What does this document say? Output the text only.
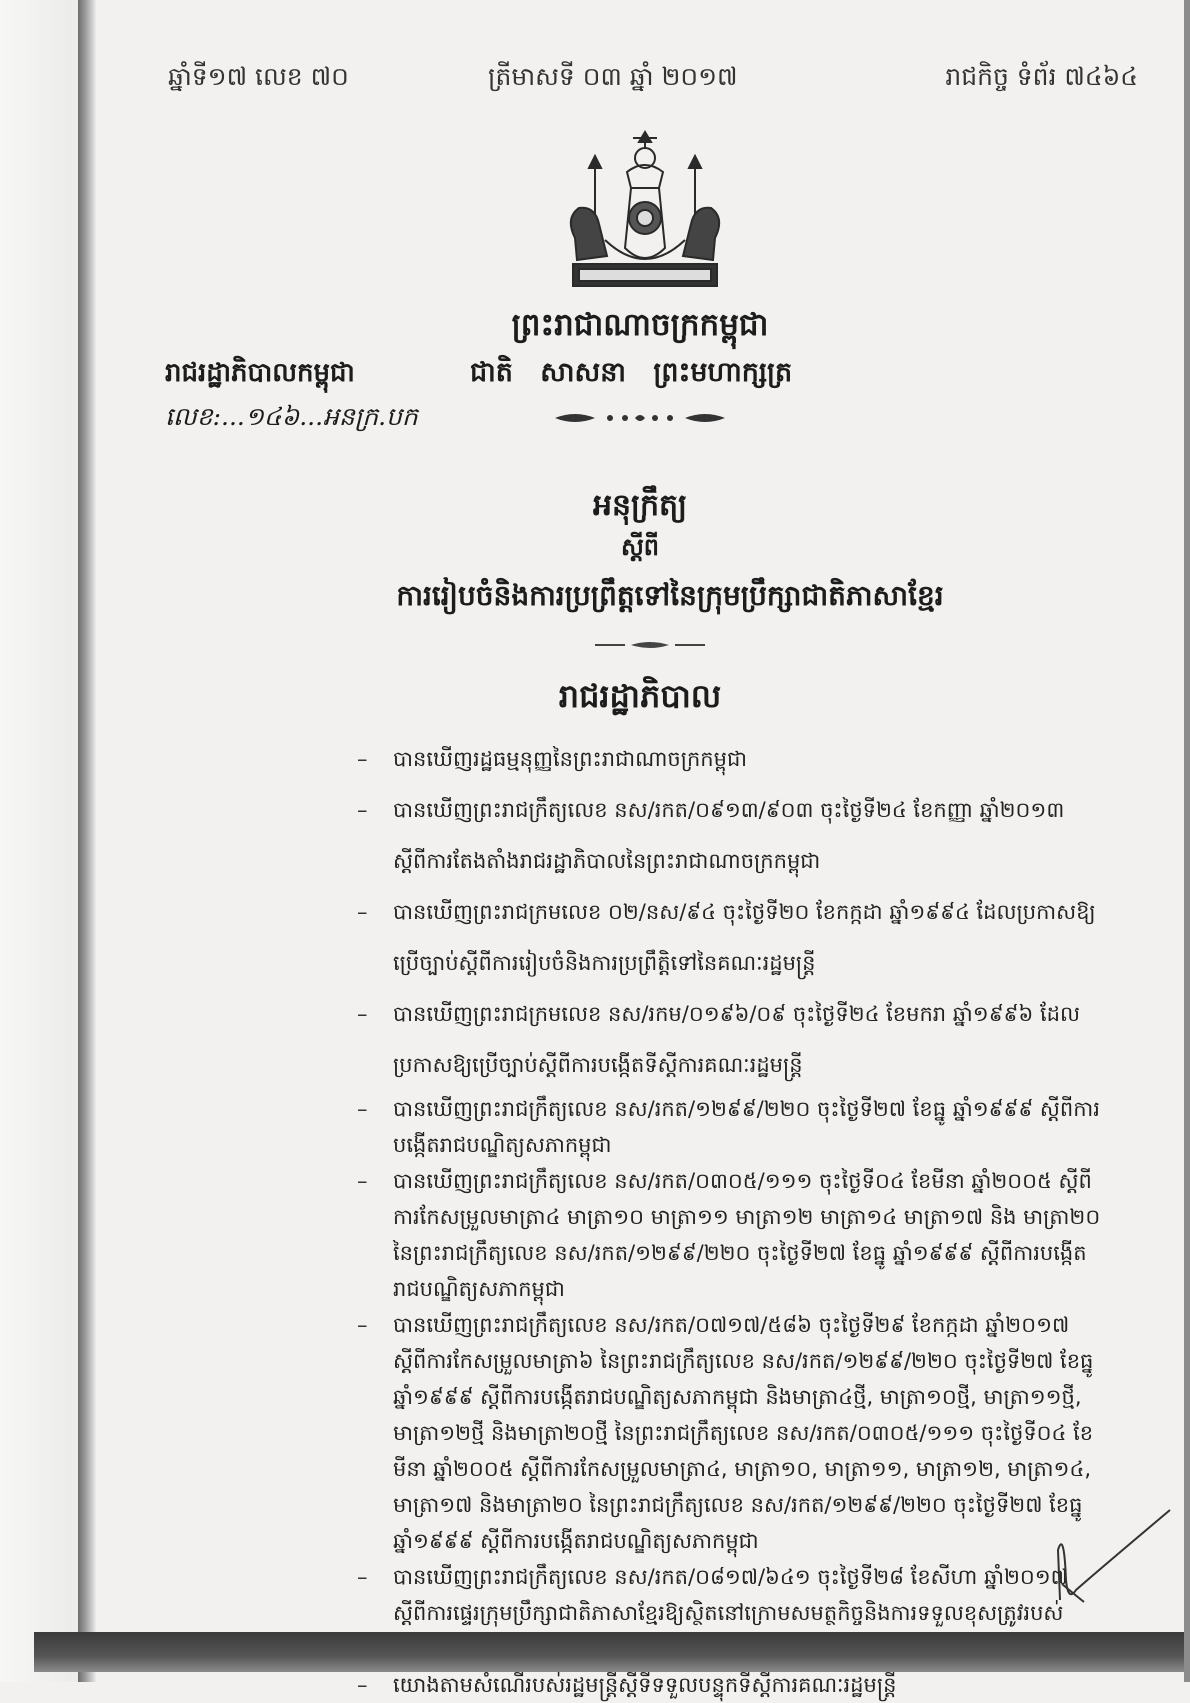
ឆ្នាំទី១៧ លេខ ៧០	ត្រីមាសទី ០៣ ឆ្នាំ ២០១៧	រាជកិច្ច ទំព័រ ៧៤៦៤
ព្រះរាជាណាចក្រកម្ពុជា
ជាតិ សាសនា ព្រះមហាក្សត្រ
រាជរដ្ឋាភិបាលកម្ពុជា
លេខ:...១៤៦...អនក្រ.បក
អនុក្រឹត្យ
ស្ដីពី
ការរៀបចំនិងការប្រព្រឹត្តទៅនៃក្រុមប្រឹក្សាជាតិភាសាខ្មែរ
រាជរដ្ឋាភិបាល
– បានឃើញរដ្ឋធម្មនុញ្ញនៃព្រះរាជាណាចក្រកម្ពុជា
– បានឃើញព្រះរាជក្រឹត្យលេខ នស/រកត/០៩១៣/៩០៣ ចុះថ្ងៃទី២៤ ខែកញ្ញា ឆ្នាំ២០១៣ ស្ដីពីការតែងតាំងរាជរដ្ឋាភិបាលនៃព្រះរាជាណាចក្រកម្ពុជា
– បានឃើញព្រះរាជក្រមលេខ ០២/នស/៩៤ ចុះថ្ងៃទី២០ ខែកក្កដា ឆ្នាំ១៩៩៤ ដែលប្រកាសឱ្យប្រើច្បាប់ស្ដីពីការរៀបចំនិងការប្រព្រឹត្តិទៅនៃគណៈរដ្ឋមន្ត្រី
– បានឃើញព្រះរាជក្រមលេខ នស/រកម/០១៩៦/០៩ ចុះថ្ងៃទី២៤ ខែមករា ឆ្នាំ១៩៩៦ ដែលប្រកាសឱ្យប្រើច្បាប់ស្ដីពីការបង្កើតទីស្ដីការគណៈរដ្ឋមន្ត្រី
– បានឃើញព្រះរាជក្រឹត្យលេខ នស/រកត/១២៩៩/២២០ ចុះថ្ងៃទី២៧ ខែធ្នូ ឆ្នាំ១៩៩៩ ស្ដីពីការបង្កើតរាជបណ្ឌិត្យសភាកម្ពុជា
– បានឃើញព្រះរាជក្រឹត្យលេខ នស/រកត/០៣០៥/១១១ ចុះថ្ងៃទី០៤ ខែមីនា ឆ្នាំ២០០៥ ស្ដីពីការកែសម្រួលមាត្រា៤ មាត្រា១០ មាត្រា១១ មាត្រា១២ មាត្រា១៤ មាត្រា១៧ និង មាត្រា២០ នៃព្រះរាជក្រឹត្យលេខ នស/រកត/១២៩៩/២២០ ចុះថ្ងៃទី២៧ ខែធ្នូ ឆ្នាំ១៩៩៩ ស្ដីពីការបង្កើតរាជបណ្ឌិត្យសភាកម្ពុជា
– បានឃើញព្រះរាជក្រឹត្យលេខ នស/រកត/០៧១៧/៥៨៦ ចុះថ្ងៃទី២៩ ខែកក្កដា ឆ្នាំ២០១៧ ស្ដីពីការកែសម្រួលមាត្រា៦ នៃព្រះរាជក្រឹត្យលេខ នស/រកត/១២៩៩/២២០ ចុះថ្ងៃទី២៧ ខែធ្នូ ឆ្នាំ១៩៩៩ ស្ដីពីការបង្កើតរាជបណ្ឌិត្យសភាកម្ពុជា និងមាត្រា៤ថ្មី, មាត្រា១០ថ្មី, មាត្រា១១ថ្មី, មាត្រា១២ថ្មី និងមាត្រា២០ថ្មី នៃព្រះរាជក្រឹត្យលេខ នស/រកត/០៣០៥/១១១ ចុះថ្ងៃទី០៤ ខែមីនា ឆ្នាំ២០០៥ ស្ដីពីការកែសម្រួលមាត្រា៤, មាត្រា១០, មាត្រា១១, មាត្រា១២, មាត្រា១៤, មាត្រា១៧ និងមាត្រា២០ នៃព្រះរាជក្រឹត្យលេខ នស/រកត/១២៩៩/២២០ ចុះថ្ងៃទី២៧ ខែធ្នូ ឆ្នាំ១៩៩៩ ស្ដីពីការបង្កើតរាជបណ្ឌិត្យសភាកម្ពុជា
– បានឃើញព្រះរាជក្រឹត្យលេខ នស/រកត/០៨១៧/៦៤១ ចុះថ្ងៃទី២៨ ខែសីហា ឆ្នាំ២០១៧ ស្ដីពីការផ្ទេរក្រុមប្រឹក្សាជាតិភាសាខ្មែរឱ្យស្ថិតនៅក្រោមសមត្ថកិច្ចនិងការទទួលខុសត្រូវរបស់
– យោងតាមសំណើរបស់រដ្ឋមន្ត្រីស្ដីទីទទួលបន្ទុកទីស្ដីការគណៈរដ្ឋមន្ត្រី
